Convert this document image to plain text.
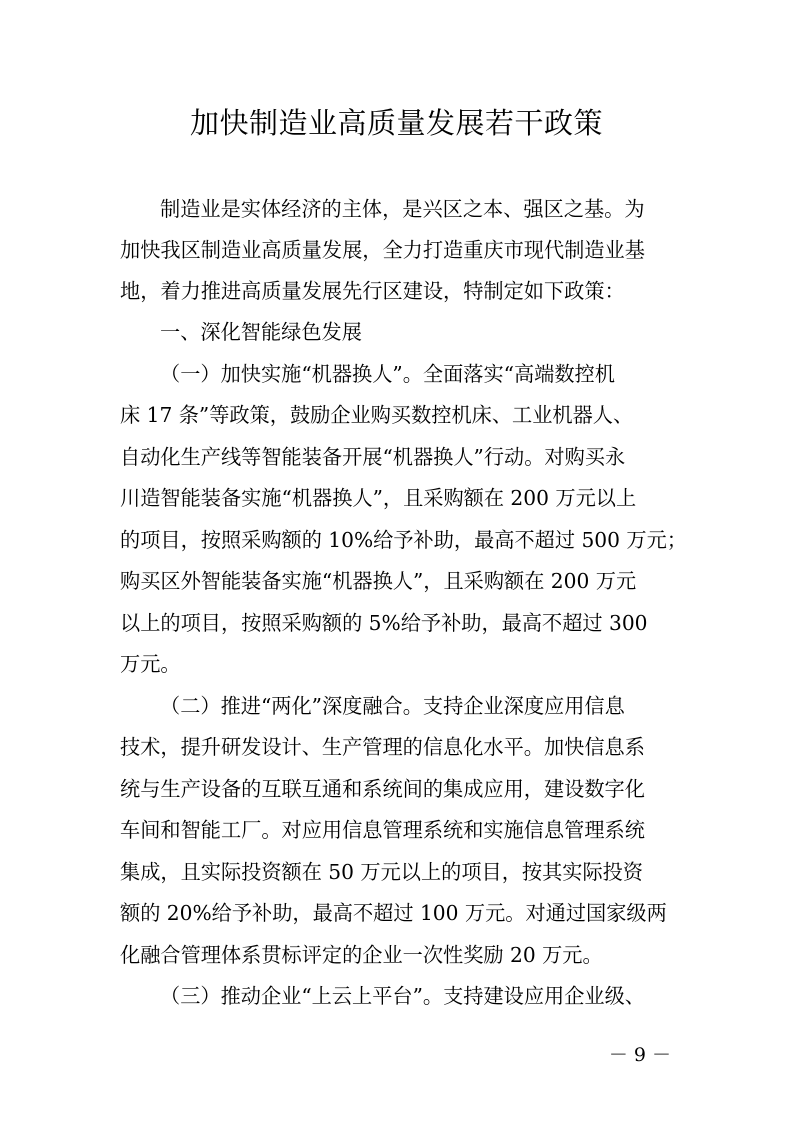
加快制造业高质量发展若干政策
制造业是实体经济的主体，是兴区之本、强区之基。为
加快我区制造业高质量发展，全力打造重庆市现代制造业基
地，着力推进高质量发展先行区建设，特制定如下政策：
一、深化智能绿色发展
（一）加快实施“机器换人”。全面落实“高端数控机
床 17 条”等政策，鼓励企业购买数控机床、工业机器人、
自动化生产线等智能装备开展“机器换人”行动。对购买永
川造智能装备实施“机器换人”，且采购额在 200 万元以上
的项目，按照采购额的 10%给予补助，最高不超过 500 万元；
购买区外智能装备实施“机器换人”，且采购额在 200 万元
以上的项目，按照采购额的 5%给予补助，最高不超过 300
万元。
（二）推进“两化”深度融合。支持企业深度应用信息
技术，提升研发设计、生产管理的信息化水平。加快信息系
统与生产设备的互联互通和系统间的集成应用，建设数字化
车间和智能工厂。对应用信息管理系统和实施信息管理系统
集成，且实际投资额在 50 万元以上的项目，按其实际投资
额的 20%给予补助，最高不超过 100 万元。对通过国家级两
化融合管理体系贯标评定的企业一次性奖励 20 万元。
（三）推动企业“上云上平台”。支持建设应用企业级、
－ 9 －
